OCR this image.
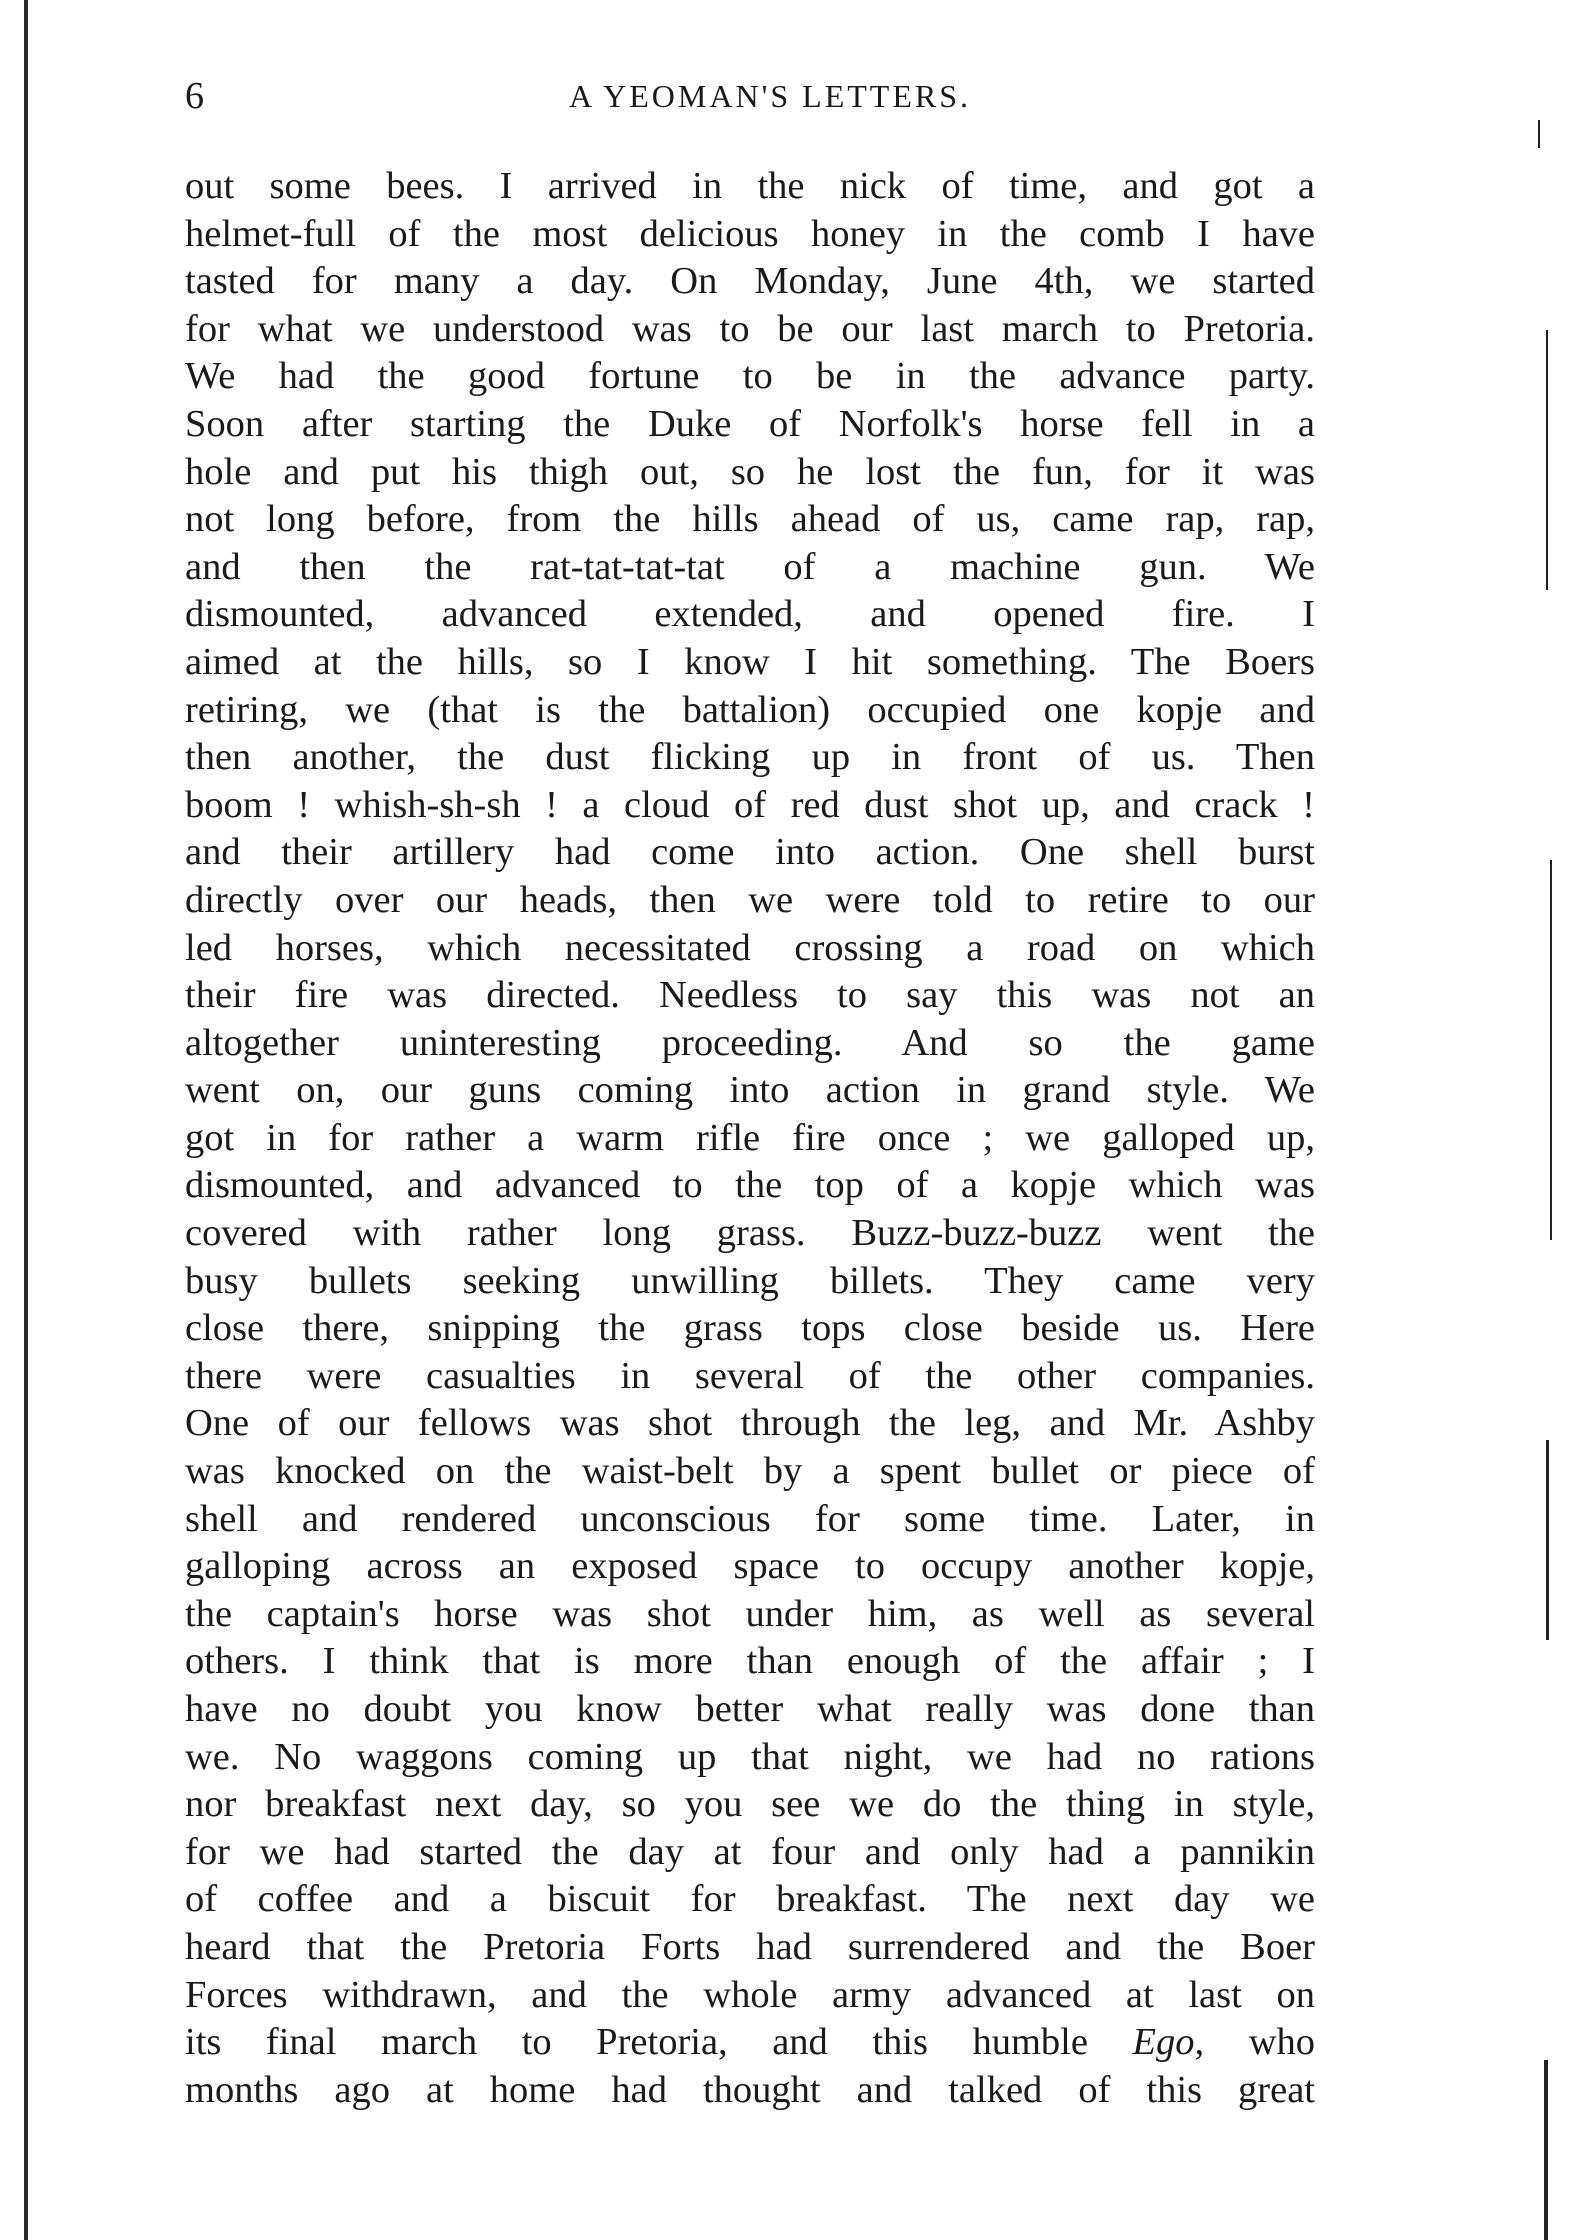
6	A YEOMAN'S LETTERS.
out some bees. I arrived in the nick of time, and got a
helmet-full of the most delicious honey in the comb I have
tasted for many a day. On Monday, June 4th, we started
for what we understood was to be our last march to Pretoria.
We had the good fortune to be in the advance party.
Soon after starting the Duke of Norfolk's horse fell in a
hole and put his thigh out, so he lost the fun, for it was
not long before, from the hills ahead of us, came rap, rap,
and then the rat-tat-tat-tat of a machine gun. We
dismounted, advanced extended, and opened fire. I
aimed at the hills, so I know I hit something. The Boers
retiring, we (that is the battalion) occupied one kopje and
then another, the dust flicking up in front of us. Then
boom ! whish-sh-sh ! a cloud of red dust shot up, and crack !
and their artillery had come into action. One shell burst
directly over our heads, then we were told to retire to our
led horses, which necessitated crossing a road on which
their fire was directed. Needless to say this was not an
altogether uninteresting proceeding. And so the game
went on, our guns coming into action in grand style. We
got in for rather a warm rifle fire once ; we galloped up,
dismounted, and advanced to the top of a kopje which was
covered with rather long grass. Buzz-buzz-buzz went the
busy bullets seeking unwilling billets. They came very
close there, snipping the grass tops close beside us. Here
there were casualties in several of the other companies.
One of our fellows was shot through the leg, and Mr. Ashby
was knocked on the waist-belt by a spent bullet or piece of
shell and rendered unconscious for some time. Later, in
galloping across an exposed space to occupy another kopje,
the captain's horse was shot under him, as well as several
others. I think that is more than enough of the affair ; I
have no doubt you know better what really was done than
we. No waggons coming up that night, we had no rations
nor breakfast next day, so you see we do the thing in style,
for we had started the day at four and only had a pannikin
of coffee and a biscuit for breakfast. The next day we
heard that the Pretoria Forts had surrendered and the Boer
Forces withdrawn, and the whole army advanced at last on
its final march to Pretoria, and this humble Ego, who
months ago at home had thought and talked of this great
